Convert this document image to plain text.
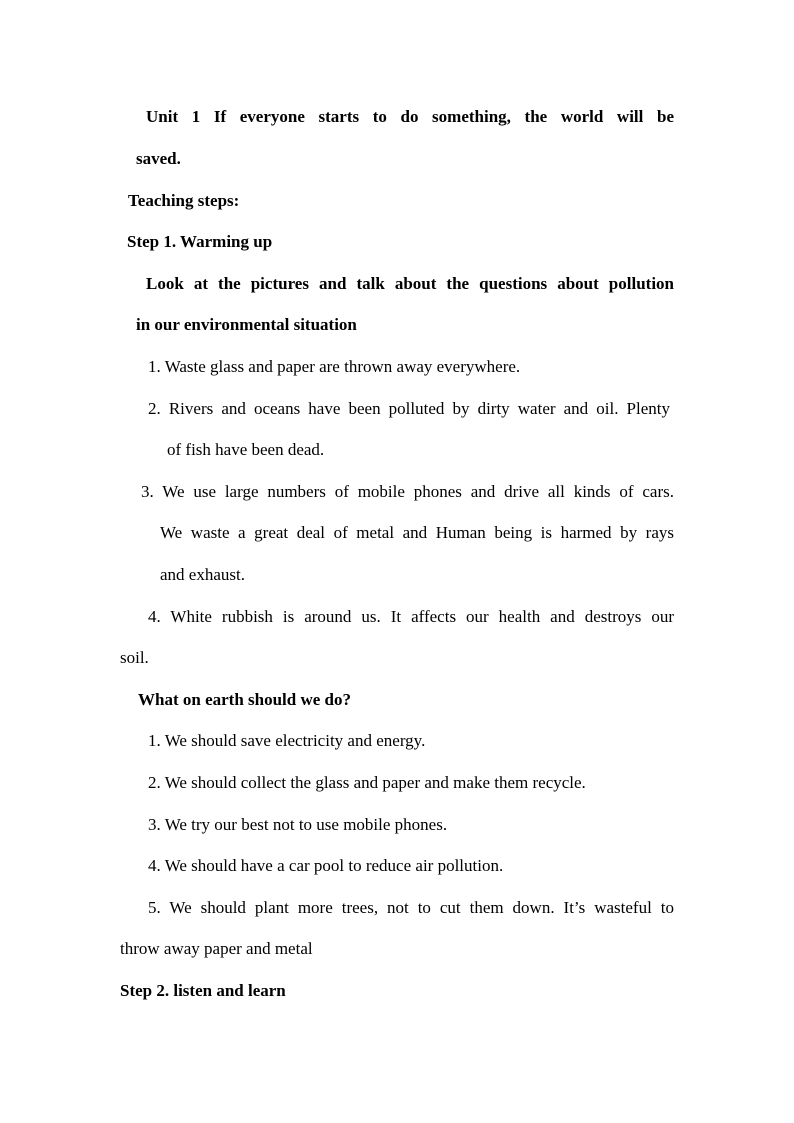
Unit 1 If everyone starts to do something, the world will be
saved.
Teaching steps:
Step 1. Warming up
Look at the pictures and talk about the questions about pollution
in our environmental situation
1. Waste glass and paper are thrown away everywhere.
2. Rivers and oceans have been polluted by dirty water and oil. Plenty
of fish have been dead.
3. We use large numbers of mobile phones and drive all kinds of cars.
We waste a great deal of metal and Human being is harmed by rays
and exhaust.
4. White rubbish is around us. It affects our health and destroys our
soil.
What on earth should we do?
1. We should save electricity and energy.
2. We should collect the glass and paper and make them recycle.
3. We try our best not to use mobile phones.
4. We should have a car pool to reduce air pollution.
5. We should plant more trees, not to cut them down. It’s wasteful to
throw away paper and metal
Step 2. listen and learn
